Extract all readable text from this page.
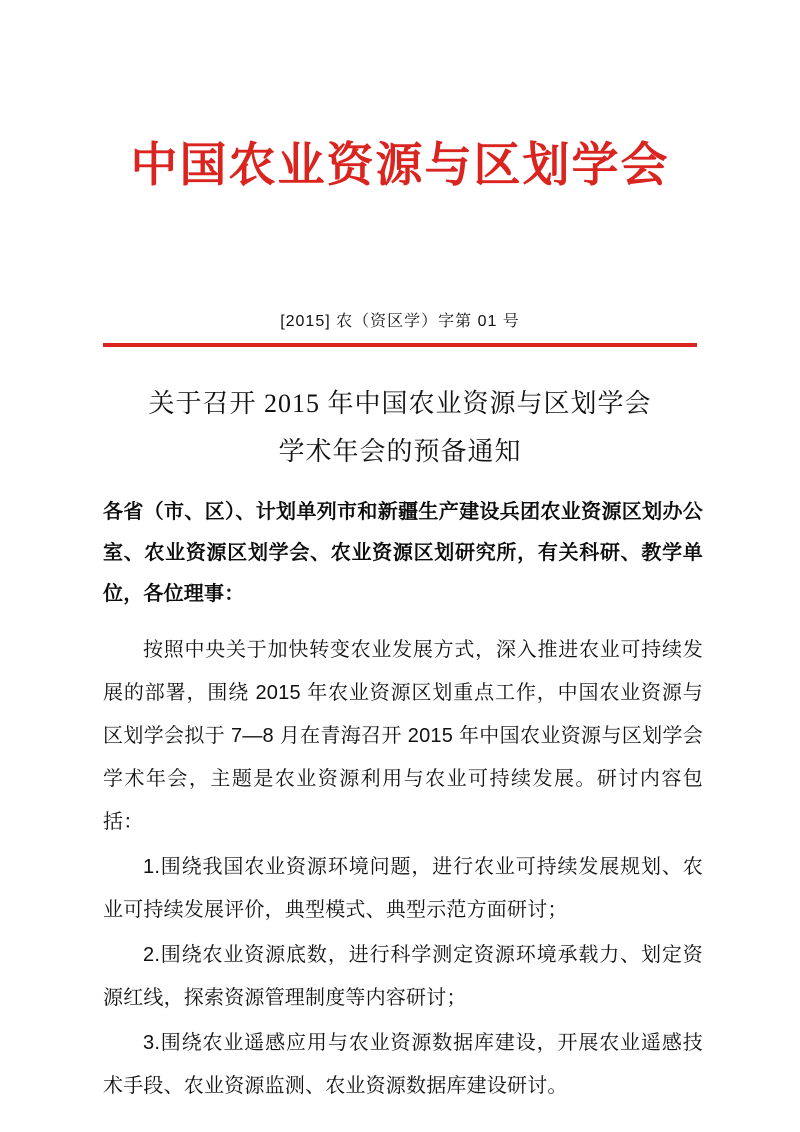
中国农业资源与区划学会
[2015] 农（资区学）字第 01 号
关于召开 2015 年中国农业资源与区划学会
学术年会的预备通知

各省（市、区）、计划单列市和新疆生产建设兵团农业资源区划办公室、农业资源区划学会、农业资源区划研究所，有关科研、教学单位，各位理事：

按照中央关于加快转变农业发展方式，深入推进农业可持续发展的部署，围绕 2015 年农业资源区划重点工作，中国农业资源与区划学会拟于 7—8 月在青海召开 2015 年中国农业资源与区划学会学术年会，主题是农业资源利用与农业可持续发展。研讨内容包括：

1.围绕我国农业资源环境问题，进行农业可持续发展规划、农业可持续发展评价，典型模式、典型示范方面研讨；

2.围绕农业资源底数，进行科学测定资源环境承载力、划定资源红线，探索资源管理制度等内容研讨；

3.围绕农业遥感应用与农业资源数据库建设，开展农业遥感技术手段、农业资源监测、农业资源数据库建设研讨。
